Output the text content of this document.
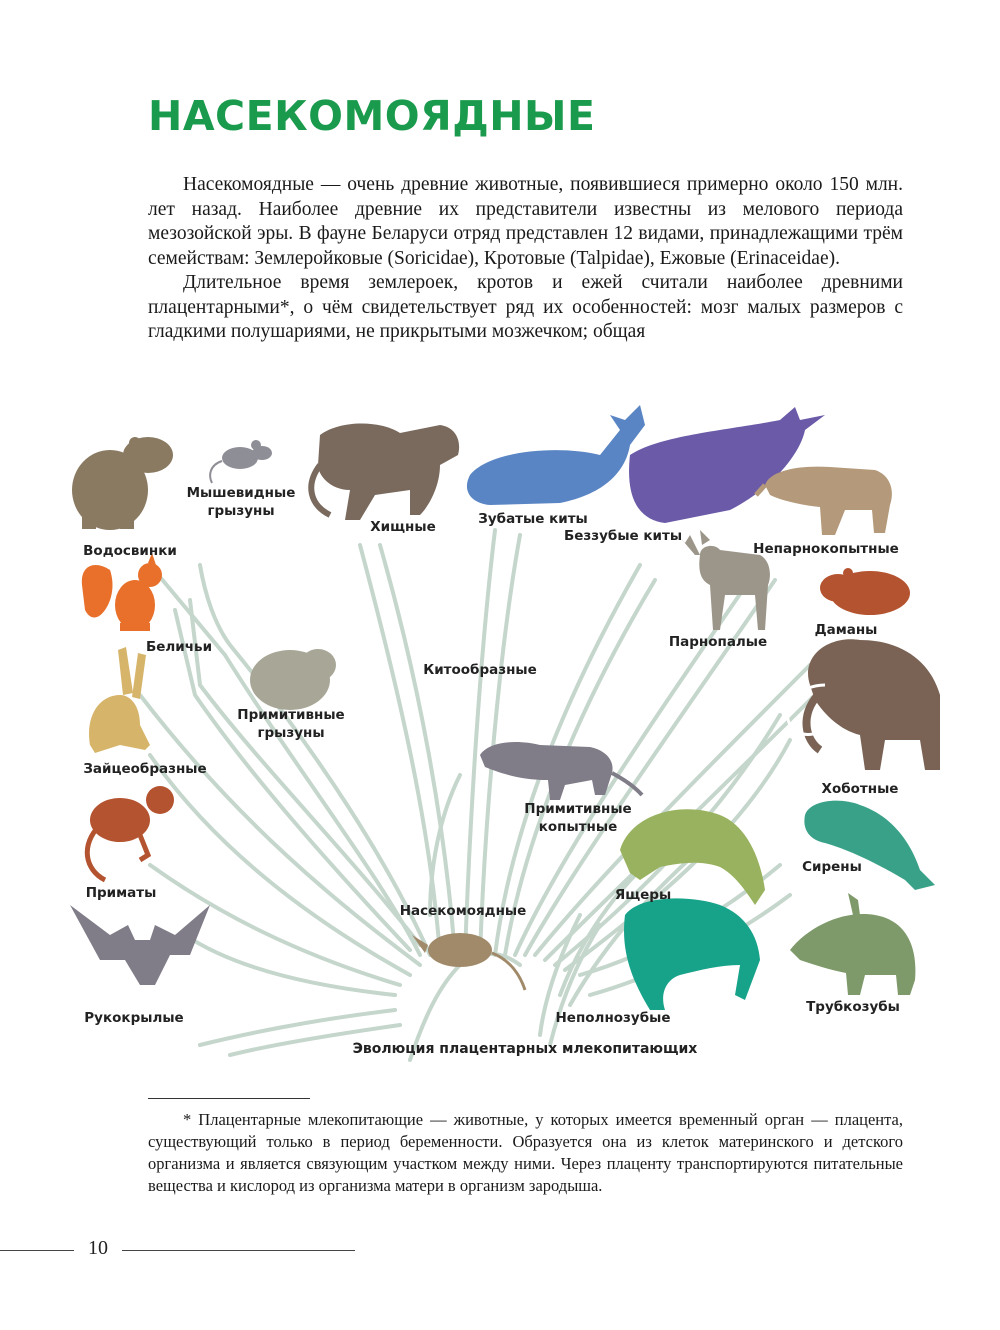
НАСЕКОМОЯДНЫЕ

Насекомоядные — очень древние животные, появившиеся примерно около 150 млн. лет назад. Наиболее древние их представители известны из мелового периода мезозойской эры. В фауне Беларуси отряд представлен 12 видами, принадлежащими трём семействам: Землеройковые (Soricidae), Кротовые (Talpidae), Ежовые (Erinaceidae).

Длительное время землероек, кротов и ежей считали наиболее древними плацентарными*, о чём свидетельствует ряд их особенностей: мозг малых размеров с гладкими полушариями, не прикрытыми мозжечком; общая

Водосвинки
Мышевидные
грызуны
Хищные	Зубатые киты
Беззубые киты
Непарнокопытные
Беличьи
Даманы
Парнопалые
Китообразные
Примитивные
грызуны
Зайцеобразные
Хоботные
Примитивные
копытные
Приматы
Сирены
Ящеры
Насекомоядные
Рукокрылые	Неполнозубые
Трубкозубы
Эволюция плацентарных млекопитающих

* Плацентарные млекопитающие — животные, у которых имеется временный орган — плацента, существующий только в период беременности. Образуется она из клеток материнского и детского организма и является связующим участком между ними. Через плаценту транспортируются питательные вещества и кислород из организма матери в организм зародыша.

10
